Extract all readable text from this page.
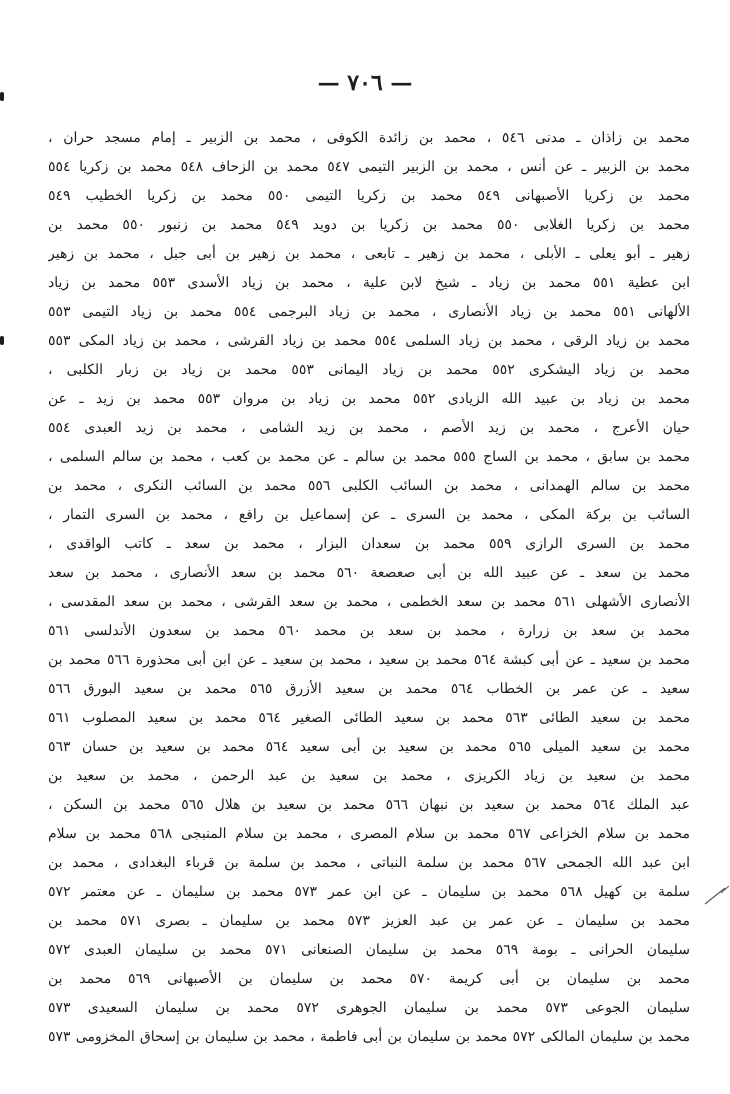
— ٧٠٦ —
محمد بن زاذان ـ مدنى ٥٤٦ ، محمد بن زائدة الكوفى ، محمد بن الزبير ـ إمام مسجد حران ،
محمد بن الزبير ـ عن أنس ، محمد بن الزبير التيمى ٥٤٧ محمد بن الزحاف ٥٤٨ محمد بن زكريا ٥٥٤
محمد بن زكريا الأصبهانى ٥٤٩ محمد بن زكريا التيمى ٥٥٠ محمد بن زكريا الخطيب ٥٤٩
محمد بن زكريا الغلابى ٥٥٠ محمد بن زكريا بن دويد ٥٤٩ محمد بن زنبور ٥٥٠ محمد بن
زهير ـ أبو يعلى ـ الأبلى ، محمد بن زهير ـ تابعى ، محمد بن زهير بن أبى جبل ، محمد بن زهير
ابن عطية ٥٥١ محمد بن زياد ـ شيخ لابن علية ، محمد بن زياد الأسدى ٥٥٣ محمد بن زياد
الألهانى ٥٥١ محمد بن زياد الأنصارى ، محمد بن زياد البرجمى ٥٥٤ محمد بن زياد التيمى ٥٥٣
محمد بن زياد الرقى ، محمد بن زياد السلمى ٥٥٤ محمد بن زياد القرشى ، محمد بن زياد المكى ٥٥٣
محمد بن زياد اليشكرى ٥٥٢ محمد بن زياد اليمانى ٥٥٣ محمد بن زياد بن زبار الكلبى ،
محمد بن زياد بن عبيد الله الزيادى ٥٥٢ محمد بن زياد بن مروان ٥٥٣ محمد بن زيد ـ عن
حيان الأعرج ، محمد بن زيد الأصم ، محمد بن زيد الشامى ، محمد بن زيد العبدى ٥٥٤
محمد بن سابق ، محمد بن الساج ٥٥٥ محمد بن سالم ـ عن محمد بن كعب ، محمد بن سالم السلمى ،
محمد بن سالم الهمدانى ، محمد بن السائب الكلبى ٥٥٦ محمد بن السائب النكرى ، محمد بن
السائب بن بركة المكى ، محمد بن السرى ـ عن إسماعيل بن رافع ، محمد بن السرى التمار ،
محمد بن السرى الرازى ٥٥٩ محمد بن سعدان البزار ، محمد بن سعد ـ كاتب الواقدى ،
محمد بن سعد ـ عن عبيد الله بن أبى صعصعة ٥٦٠ محمد بن سعد الأنصارى ، محمد بن سعد
الأنصارى الأشهلى ٥٦١ محمد بن سعد الخطمى ، محمد بن سعد القرشى ، محمد بن سعد المقدسى ،
محمد بن سعد بن زرارة ، محمد بن سعد بن محمد ٥٦٠ محمد بن سعدون الأندلسى ٥٦١
محمد بن سعيد ـ عن أبى كبشة ٥٦٤ محمد بن سعيد ، محمد بن سعيد ـ عن ابن أبى محذورة ٥٦٦ محمد بن
سعيد ـ عن عمر بن الخطاب ٥٦٤ محمد بن سعيد الأزرق ٥٦٥ محمد بن سعيد البورق ٥٦٦
محمد بن سعيد الطائى ٥٦٣ محمد بن سعيد الطائى الصغير ٥٦٤ محمد بن سعيد المصلوب ٥٦١
محمد بن سعيد الميلى ٥٦٥ محمد بن سعيد بن أبى سعيد ٥٦٤ محمد بن سعيد بن حسان ٥٦٣
محمد بن سعيد بن زياد الكريزى ، محمد بن سعيد بن عبد الرحمن ، محمد بن سعيد بن
عبد الملك ٥٦٤ محمد بن سعيد بن نبهان ٥٦٦ محمد بن سعيد بن هلال ٥٦٥ محمد بن السكن ،
محمد بن سلام الخزاعى ٥٦٧ محمد بن سلام المصرى ، محمد بن سلام المنبجى ٥٦٨ محمد بن سلام
ابن عبد الله الجمحى ٥٦٧ محمد بن سلمة النباتى ، محمد بن سلمة بن قرباء البغدادى ، محمد بن
سلمة بن كهيل ٥٦٨ محمد بن سليمان ـ عن ابن عمر ٥٧٣ محمد بن سليمان ـ عن معتمر ٥٧٢
محمد بن سليمان ـ عن عمر بن عبد العزيز ٥٧٣ محمد بن سليمان ـ بصرى ٥٧١ محمد بن
سليمان الحرانى ـ بومة ٥٦٩ محمد بن سليمان الصنعانى ٥٧١ محمد بن سليمان العبدى ٥٧٢
محمد بن سليمان بن أبى كريمة ٥٧٠ محمد بن سليمان بن الأصبهانى ٥٦٩ محمد بن
سليمان الجوعى ٥٧٣ محمد بن سليمان الجوهرى ٥٧٢ محمد بن سليمان السعيدى ٥٧٣
محمد بن سليمان المالكى ٥٧٢ محمد بن سليمان بن أبى فاطمة ، محمد بن سليمان بن إسحاق المخزومى ٥٧٣
